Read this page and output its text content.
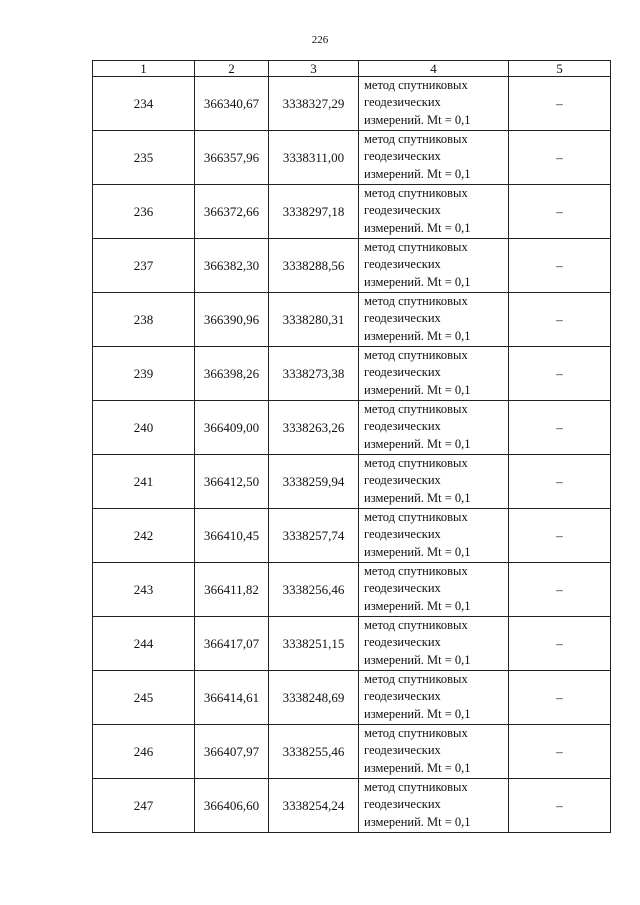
226
1	2	3	4	5
234	366340,67	3338327,29	метод спутниковых
геодезических
измерений. Mt = 0,1	–
235	366357,96	3338311,00	метод спутниковых
геодезических
измерений. Mt = 0,1	–
236	366372,66	3338297,18	метод спутниковых
геодезических
измерений. Mt = 0,1	–
237	366382,30	3338288,56	метод спутниковых
геодезических
измерений. Mt = 0,1	–
238	366390,96	3338280,31	метод спутниковых
геодезических
измерений. Mt = 0,1	–
239	366398,26	3338273,38	метод спутниковых
геодезических
измерений. Mt = 0,1	–
240	366409,00	3338263,26	метод спутниковых
геодезических
измерений. Mt = 0,1	–
241	366412,50	3338259,94	метод спутниковых
геодезических
измерений. Mt = 0,1	–
242	366410,45	3338257,74	метод спутниковых
геодезических
измерений. Mt = 0,1	–
243	366411,82	3338256,46	метод спутниковых
геодезических
измерений. Mt = 0,1	–
244	366417,07	3338251,15	метод спутниковых
геодезических
измерений. Mt = 0,1	–
245	366414,61	3338248,69	метод спутниковых
геодезических
измерений. Mt = 0,1	–
246	366407,97	3338255,46	метод спутниковых
геодезических
измерений. Mt = 0,1	–
247	366406,60	3338254,24	метод спутниковых
геодезических
измерений. Mt = 0,1	–
